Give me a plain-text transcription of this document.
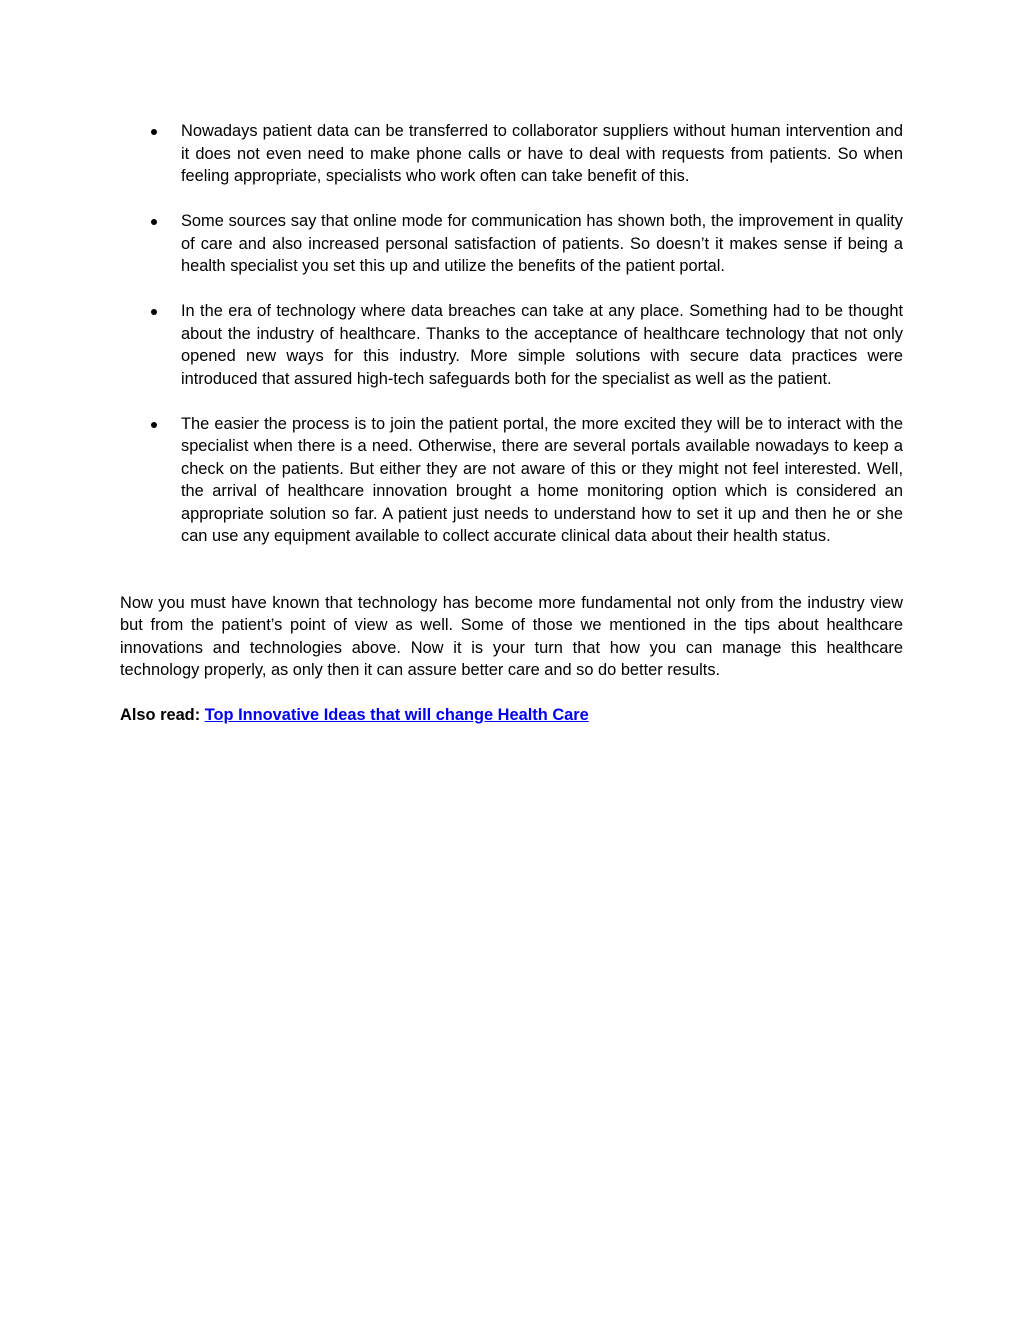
Nowadays patient data can be transferred to collaborator suppliers without human intervention and it does not even need to make phone calls or have to deal with requests from patients. So when feeling appropriate, specialists who work often can take benefit of this.
Some sources say that online mode for communication has shown both, the improvement in quality of care and also increased personal satisfaction of patients. So doesn’t it makes sense if being a health specialist you set this up and utilize the benefits of the patient portal.
In the era of technology where data breaches can take at any place. Something had to be thought about the industry of healthcare. Thanks to the acceptance of healthcare technology that not only opened new ways for this industry. More simple solutions with secure data practices were introduced that assured high-tech safeguards both for the specialist as well as the patient.
The easier the process is to join the patient portal, the more excited they will be to interact with the specialist when there is a need. Otherwise, there are several portals available nowadays to keep a check on the patients. But either they are not aware of this or they might not feel interested. Well, the arrival of healthcare innovation brought a home monitoring option which is considered an appropriate solution so far. A patient just needs to understand how to set it up and then he or she can use any equipment available to collect accurate clinical data about their health status.

Now you must have known that technology has become more fundamental not only from the industry view but from the patient’s point of view as well. Some of those we mentioned in the tips about healthcare innovations and technologies above. Now it is your turn that how you can manage this healthcare technology properly, as only then it can assure better care and so do better results.

Also read: Top Innovative Ideas that will change Health Care
